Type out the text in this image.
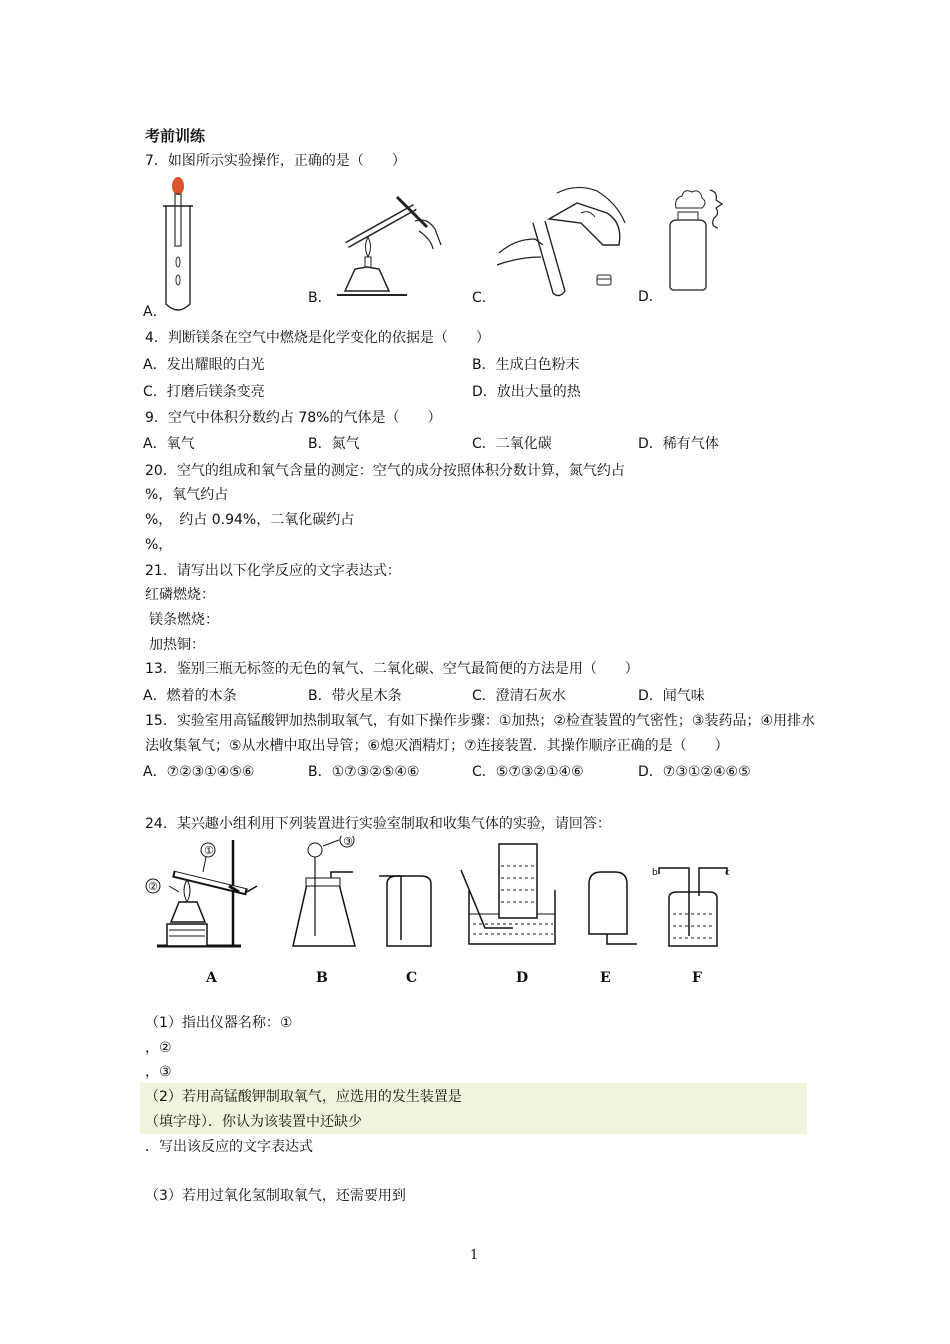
考前训练
7．如图所示实验操作，正确的是（　　）
A．
B．	C．	D．
4．判断镁条在空气中燃烧是化学变化的依据是（　　）
A．发出耀眼的白光	B．生成白色粉末
C．打磨后镁条变亮	D．放出大量的热
9．空气中体积分数约占 78%的气体是（　　）
A．氧气	B．氮气	C．二氧化碳	D．稀有气体
20．空气的组成和氧气含量的测定：空气的成分按照体积分数计算，氮气约占
%，氧气约占
%，　约占 0.94%，二氧化碳约占
%，
21．请写出以下化学反应的文字表达式：
红磷燃烧：
镁条燃烧：
加热铜：
13．鉴别三瓶无标签的无色的氧气、二氧化碳、空气最简便的方法是用（　　）
A．燃着的木条	B．带火星木条	C．澄清石灰水	D．闻气味
15．实验室用高锰酸钾加热制取氧气，有如下操作步骤：①加热；②检查装置的气密性；③装药品；④用排水
法收集氧气；⑤从水槽中取出导管；⑥熄灭酒精灯；⑦连接装置．其操作顺序正确的是（　　）
A．⑦②③①④⑤⑥	B．①⑦③②⑤④⑥	C．⑤⑦③②①④⑥	D．⑦③①②④⑥⑤
24．某兴趣小组利用下列装置进行实验室制取和收集气体的实验，请回答：
①
②
③
b	c
A	B	C	D	E	F
（1）指出仪器名称：①
，②
，③
（2）若用高锰酸钾制取氧气，应选用的发生装置是
（填字母）．你认为该装置中还缺少
．写出该反应的文字表达式
（3）若用过氧化氢制取氧气，还需要用到
1
